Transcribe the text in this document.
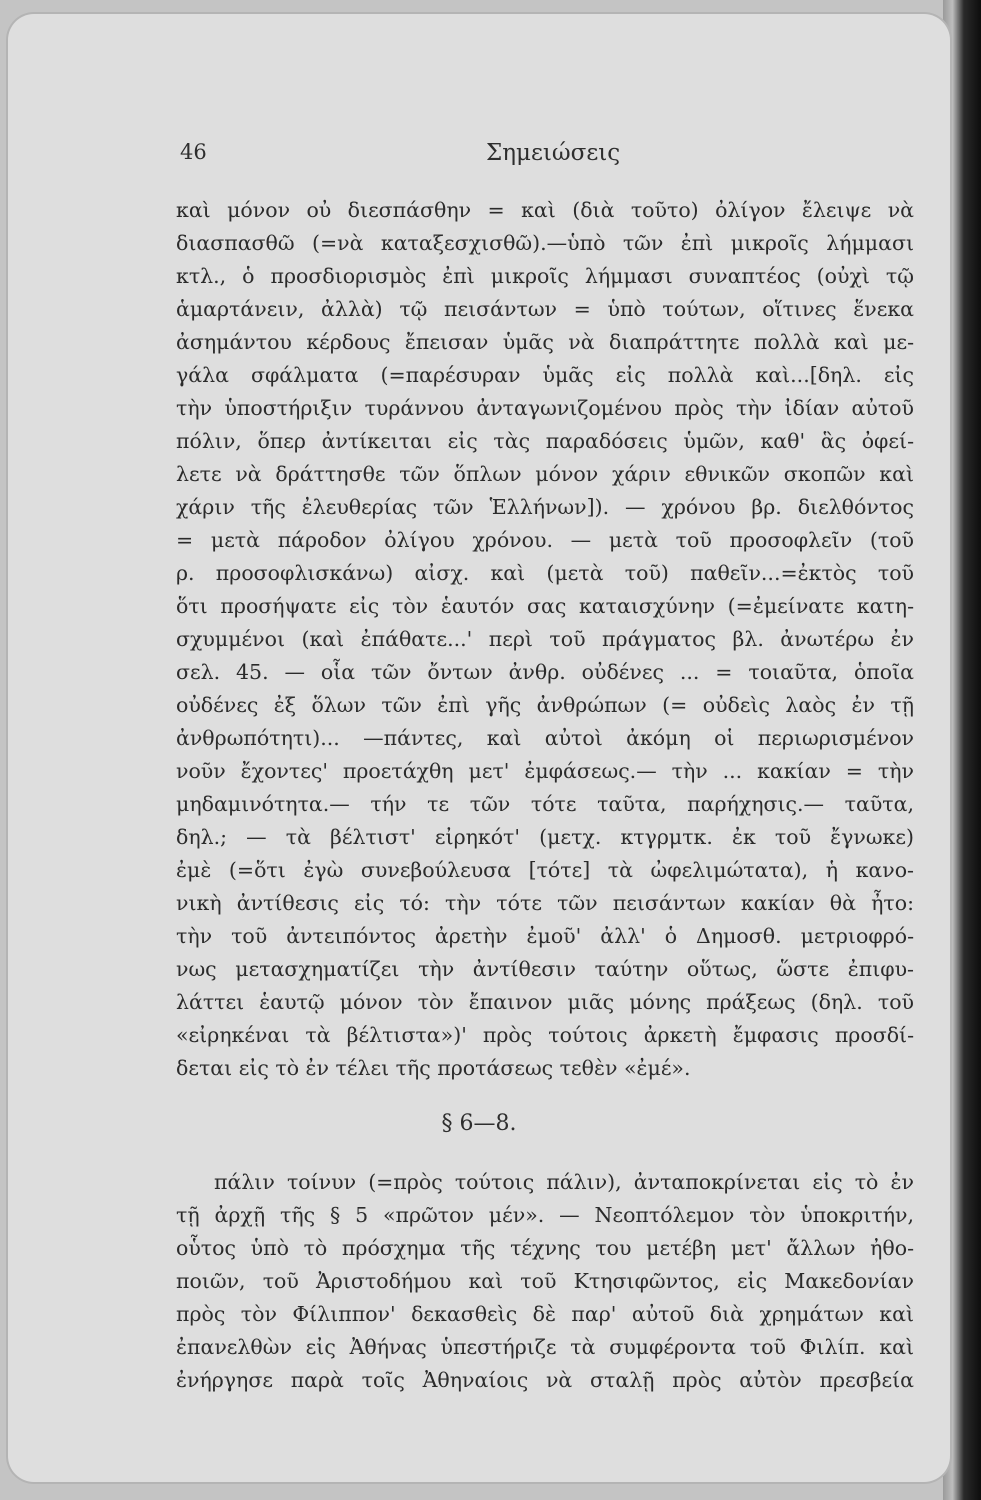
46	Σημειώσεις
καὶ μόνον οὐ διεσπάσθην = καὶ (διὰ τοῦτο) ὀλίγον ἔλειψε νὰ
διασπασθῶ (=νὰ καταξεσχισθῶ).—ὑπὸ τῶν ἐπὶ μικροῖς λήμμασι
κτλ., ὁ προσδιορισμὸς ἐπὶ μικροῖς λήμμασι συναπτέος (οὐχὶ τῷ
ἁμαρτάνειν, ἀλλὰ) τῷ πεισάντων = ὑπὸ τούτων, οἵτινες ἕνεκα
ἀσημάντου κέρδους ἔπεισαν ὑμᾶς νὰ διαπράττητε πολλὰ καὶ με-
γάλα σφάλματα (=παρέσυραν ὑμᾶς εἰς πολλὰ καὶ...[δηλ. εἰς
τὴν ὑποστήριξιν τυράννου ἀνταγωνιζομένου πρὸς τὴν ἰδίαν αὐτοῦ
πόλιν, ὅπερ ἀντίκειται εἰς τὰς παραδόσεις ὑμῶν, καθ' ἃς ὀφεί-
λετε νὰ δράττησθε τῶν ὅπλων μόνον χάριν εθνικῶν σκοπῶν καὶ
χάριν τῆς ἐλευθερίας τῶν Ἑλλήνων]). — χρόνου βρ. διελθόντος
= μετὰ πάροδον ὀλίγου χρόνου. — μετὰ τοῦ προσοφλεῖν (τοῦ
ρ. προσοφλισκάνω) αἰσχ. καὶ (μετὰ τοῦ) παθεῖν...=ἐκτὸς τοῦ
ὅτι προσήψατε εἰς τὸν ἑαυτόν σας καταισχύνην (=ἐμείνατε κατη-
σχυμμένοι (καὶ ἐπάθατε...' περὶ τοῦ πράγματος βλ. ἀνωτέρω ἐν
σελ. 45. — οἷα τῶν ὄντων ἀνθρ. οὐδένες ... = τοιαῦτα, ὁποῖα
οὐδένες ἐξ ὅλων τῶν ἐπὶ γῆς ἀνθρώπων (= οὐδεὶς λαὸς ἐν τῇ
ἀνθρωπότητι)... —πάντες, καὶ αὐτοὶ ἀκόμη οἱ περιωρισμένον
νοῦν ἔχοντες' προετάχθη μετ' ἐμφάσεως.— τὴν ... κακίαν = τὴν
μηδαμινότητα.— τήν τε τῶν τότε ταῦτα, παρήχησις.— ταῦτα,
δηλ.; — τὰ βέλτιστ' εἰρηκότ' (μετχ. κτγρμτκ. ἐκ τοῦ ἔγνωκε)
ἐμὲ (=ὅτι ἐγὼ συνεβούλευσα [τότε] τὰ ὠφελιμώτατα), ἡ κανο-
νικὴ ἀντίθεσις εἰς τό: τὴν τότε τῶν πεισάντων κακίαν θὰ ἦτο:
τὴν τοῦ ἀντειπόντος ἀρετὴν ἐμοῦ' ἀλλ' ὁ Δημοσθ. μετριοφρό-
νως μετασχηματίζει τὴν ἀντίθεσιν ταύτην οὕτως, ὥστε ἐπιφυ-
λάττει ἑαυτῷ μόνον τὸν ἔπαινον μιᾶς μόνης πράξεως (δηλ. τοῦ
«εἰρηκέναι τὰ βέλτιστα»)' πρὸς τούτοις ἀρκετὴ ἔμφασις προσδί-
δεται εἰς τὸ ἐν τέλει τῆς προτάσεως τεθὲν «ἐμέ».
§ 6—8.
πάλιν τοίνυν (=πρὸς τούτοις πάλιν), ἀνταποκρίνεται εἰς τὸ ἐν
τῇ ἀρχῇ τῆς § 5 «πρῶτον μέν». — Νεοπτόλεμον τὸν ὑποκριτήν,
οὗτος ὑπὸ τὸ πρόσχημα τῆς τέχνης του μετέβη μετ' ἄλλων ἠθο-
ποιῶν, τοῦ Ἀριστοδήμου καὶ τοῦ Κτησιφῶντος, εἰς Μακεδονίαν
πρὸς τὸν Φίλιππον' δεκασθεὶς δὲ παρ' αὐτοῦ διὰ χρημάτων καὶ
ἐπανελθὼν εἰς Ἀθήνας ὑπεστήριζε τὰ συμφέροντα τοῦ Φιλίπ. καὶ
ἐνήργησε παρὰ τοῖς Ἀθηναίοις νὰ σταλῇ πρὸς αὐτὸν πρεσβεία
